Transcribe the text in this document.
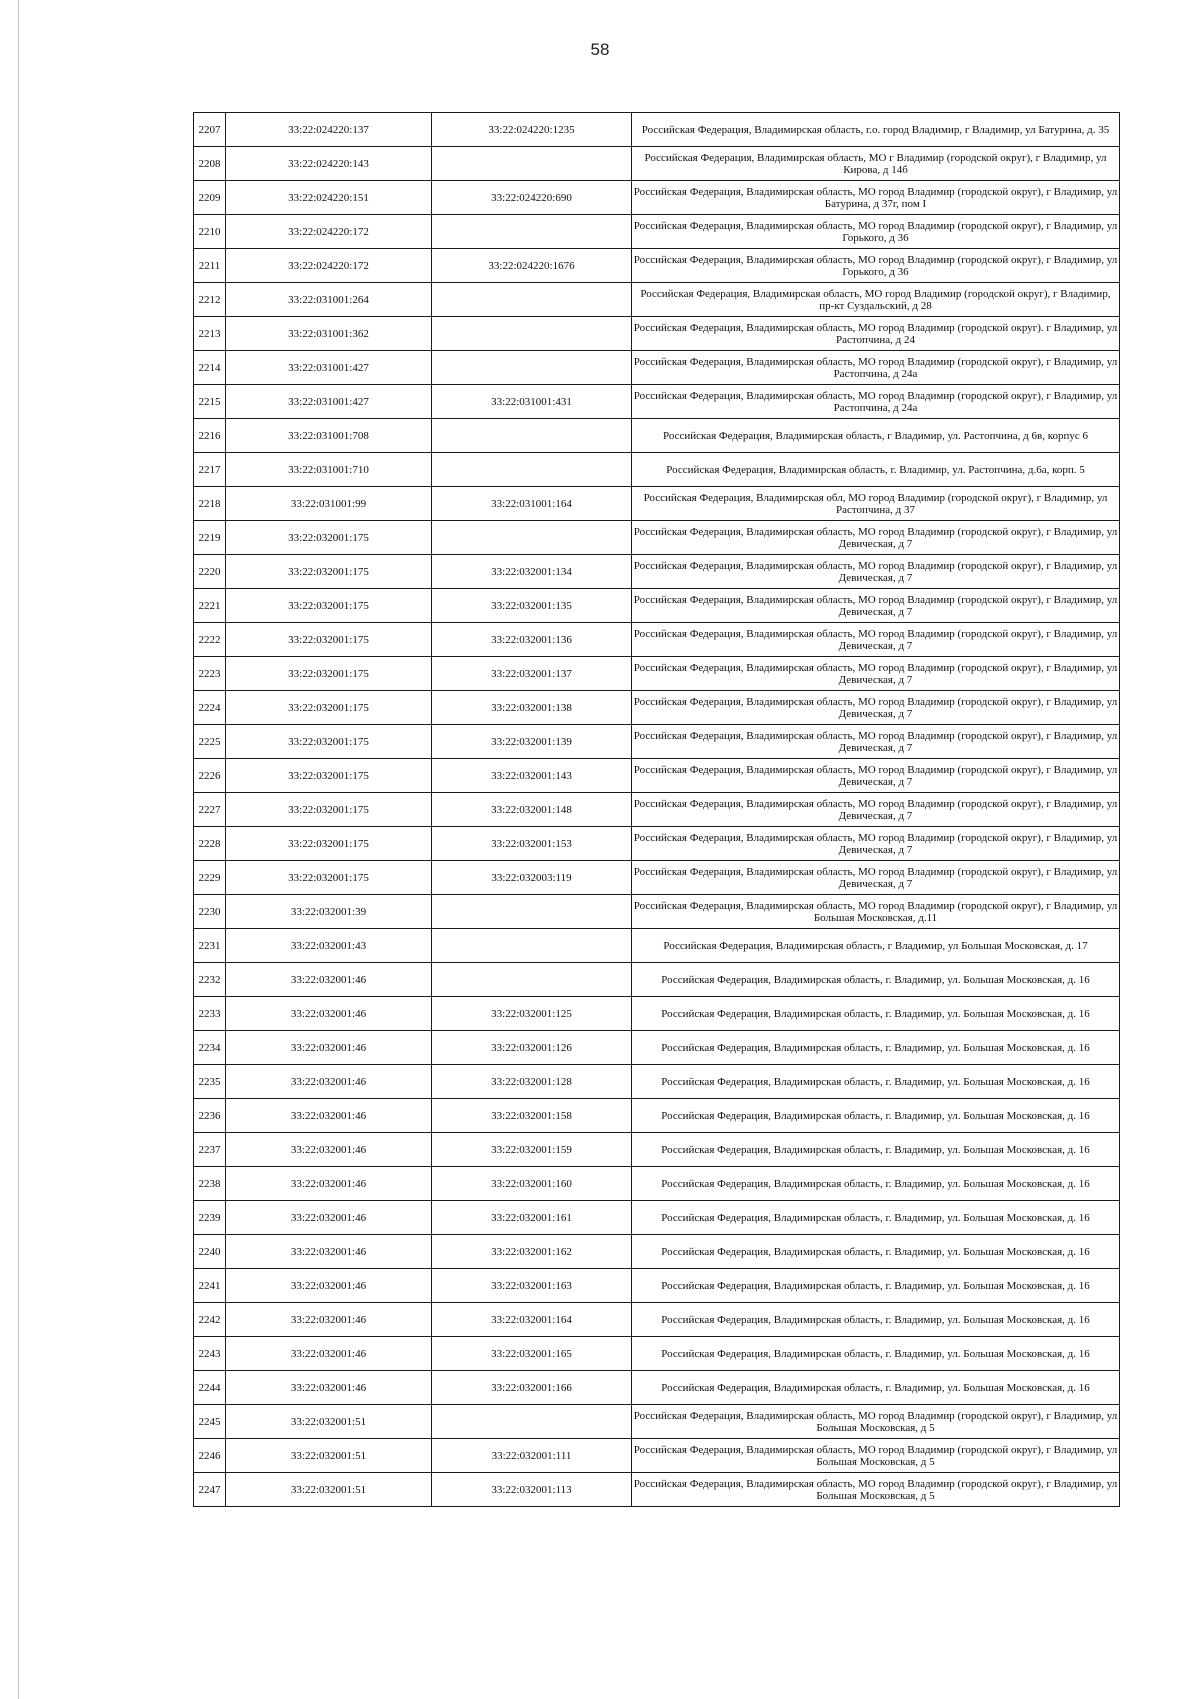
58
2207	33:22:024220:137	33:22:024220:1235	Российская Федерация, Владимирская область, г.о. город Владимир, г Владимир, ул Батурина, д. 35
2208	33:22:024220:143		Российская Федерация, Владимирская область, МО г Владимир (городской округ), г Владимир, ул Кирова, д 14б
2209	33:22:024220:151	33:22:024220:690	Российская Федерация, Владимирская область, МО город Владимир (городской округ), г Владимир, ул Батурина, д 37г, пом I
2210	33:22:024220:172		Российская Федерация, Владимирская область, МО город Владимир (городской округ), г Владимир, ул Горького, д 36
2211	33:22:024220:172	33:22:024220:1676	Российская Федерация, Владимирская область, МО город Владимир (городской округ), г Владимир, ул Горького, д 36
2212	33:22:031001:264		Российская Федерация, Владимирская область, МО город Владимир (городской округ), г Владимир, пр-кт Суздальский, д 28
2213	33:22:031001:362		Российская Федерация, Владимирская область, МО город Владимир (городской округ). г Владимир, ул Растопчина, д 24
2214	33:22:031001:427		Российская Федерация, Владимирская область, МО город Владимир (городской округ), г Владимир, ул Растопчина, д 24а
2215	33:22:031001:427	33:22:031001:431	Российская Федерация, Владимирская область, МО город Владимир (городской округ), г Владимир, ул Растопчина, д 24а
2216	33:22:031001:708		Российская Федерация, Владимирская область, г Владимир, ул. Растопчина, д 6в, корпус 6
2217	33:22:031001:710		Российская Федерация, Владимирская область, г. Владимир, ул. Растопчина, д.6а, корп. 5
2218	33:22:031001:99	33:22:031001:164	Российская Федерация, Владимирская обл, МО город Владимир (городской округ), г Владимир, ул Растопчина, д 37
2219	33:22:032001:175		Российская Федерация, Владимирская область, МО город Владимир (городской округ), г Владимир, ул Девическая, д 7
2220	33:22:032001:175	33:22:032001:134	Российская Федерация, Владимирская область, МО город Владимир (городской округ), г Владимир, ул Девическая, д 7
2221	33:22:032001:175	33:22:032001:135	Российская Федерация, Владимирская область, МО город Владимир (городской округ), г Владимир, ул Девическая, д 7
2222	33:22:032001:175	33:22:032001:136	Российская Федерация, Владимирская область, МО город Владимир (городской округ), г Владимир, ул Девическая, д 7
2223	33:22:032001:175	33:22:032001:137	Российская Федерация, Владимирская область, МО город Владимир (городской округ), г Владимир, ул Девическая, д 7
2224	33:22:032001:175	33:22:032001:138	Российская Федерация, Владимирская область, МО город Владимир (городской округ), г Владимир, ул Девическая, д 7
2225	33:22:032001:175	33:22:032001:139	Российская Федерация, Владимирская область, МО город Владимир (городской округ), г Владимир, ул Девическая, д 7
2226	33:22:032001:175	33:22:032001:143	Российская Федерация, Владимирская область, МО город Владимир (городской округ), г Владимир, ул Девическая, д 7
2227	33:22:032001:175	33:22:032001:148	Российская Федерация, Владимирская область, МО город Владимир (городской округ), г Владимир, ул Девическая, д 7
2228	33:22:032001:175	33:22:032001:153	Российская Федерация, Владимирская область, МО город Владимир (городской округ), г Владимир, ул Девическая, д 7
2229	33:22:032001:175	33:22:032003:119	Российская Федерация, Владимирская область, МО город Владимир (городской округ), г Владимир, ул Девическая, д 7
2230	33:22:032001:39		Российская Федерация, Владимирская область, МО город Владимир (городской округ), г Владимир, ул Большая Московская, д.11
2231	33:22:032001:43		Российская Федерация, Владимирская область, г Владимир, ул Большая Московская, д. 17
2232	33:22:032001:46		Российская Федерация, Владимирская область, г. Владимир, ул. Большая Московская, д. 16
2233	33:22:032001:46	33:22:032001:125	Российская Федерация, Владимирская область, г. Владимир, ул. Большая Московская, д. 16
2234	33:22:032001:46	33:22:032001:126	Российская Федерация, Владимирская область, г. Владимир, ул. Большая Московская, д. 16
2235	33:22:032001:46	33:22:032001:128	Российская Федерация, Владимирская область, г. Владимир, ул. Большая Московская, д. 16
2236	33:22:032001:46	33:22:032001:158	Российская Федерация, Владимирская область, г. Владимир, ул. Большая Московская, д. 16
2237	33:22:032001:46	33:22:032001:159	Российская Федерация, Владимирская область, г. Владимир, ул. Большая Московская, д. 16
2238	33:22:032001:46	33:22:032001:160	Российская Федерация, Владимирская область, г. Владимир, ул. Большая Московская, д. 16
2239	33:22:032001:46	33:22:032001:161	Российская Федерация, Владимирская область, г. Владимир, ул. Большая Московская, д. 16
2240	33:22:032001:46	33:22:032001:162	Российская Федерация, Владимирская область, г. Владимир, ул. Большая Московская, д. 16
2241	33:22:032001:46	33:22:032001:163	Российская Федерация, Владимирская область, г. Владимир, ул. Большая Московская, д. 16
2242	33:22:032001:46	33:22:032001:164	Российская Федерация, Владимирская область, г. Владимир, ул. Большая Московская, д. 16
2243	33:22:032001:46	33:22:032001:165	Российская Федерация, Владимирская область, г. Владимир, ул. Большая Московская, д. 16
2244	33:22:032001:46	33:22:032001:166	Российская Федерация, Владимирская область, г. Владимир, ул. Большая Московская, д. 16
2245	33:22:032001:51		Российская Федерация, Владимирская область, МО город Владимир (городской округ), г Владимир, ул Большая Московская, д 5
2246	33:22:032001:51	33:22:032001:111	Российская Федерация, Владимирская область, МО город Владимир (городской округ), г Владимир, ул Большая Московская, д 5
2247	33:22:032001:51	33:22:032001:113	Российская Федерация, Владимирская область, МО город Владимир (городской округ), г Владимир, ул Большая Московская, д 5
